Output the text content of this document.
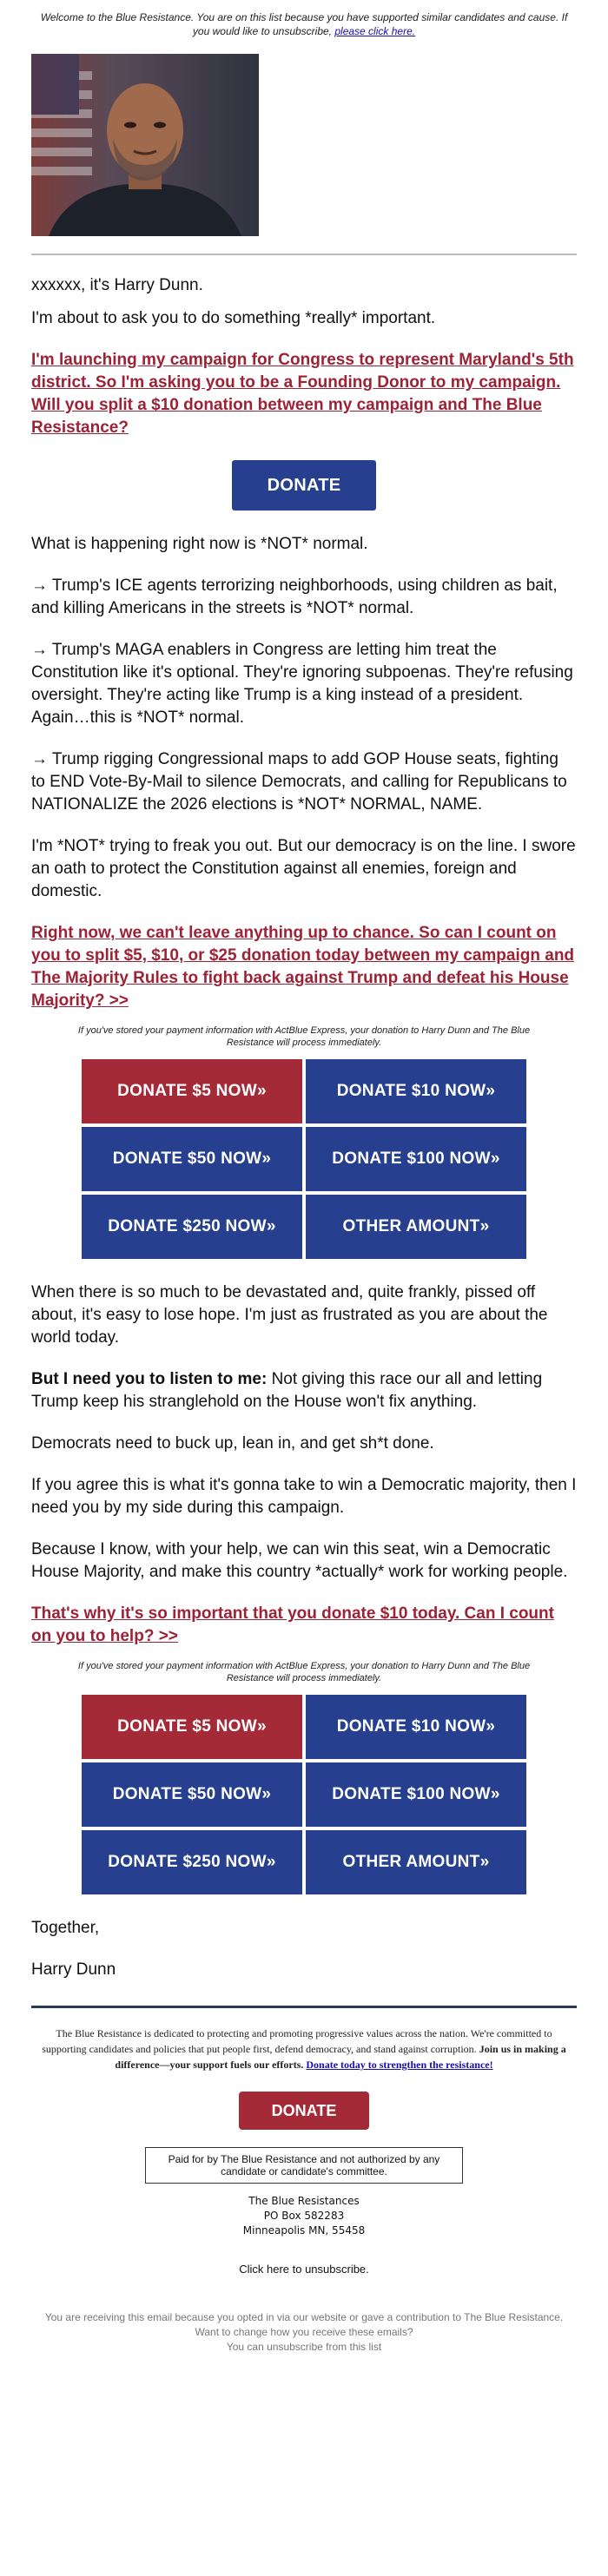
Welcome to the Blue Resistance. You are on this list because you have supported similar candidates and cause. If you would like to unsubscribe, please click here.

xxxxxx, it's Harry Dunn.

I'm about to ask you to do something *really* important.

I'm launching my campaign for Congress to represent Maryland's 5th district. So I'm asking you to be a Founding Donor to my campaign. Will you split a $10 donation between my campaign and The Blue Resistance?

DONATE

What is happening right now is *NOT* normal.

→ Trump's ICE agents terrorizing neighborhoods, using children as bait, and killing Americans in the streets is *NOT* normal.

→ Trump's MAGA enablers in Congress are letting him treat the Constitution like it's optional. They're ignoring subpoenas. They're refusing oversight. They're acting like Trump is a king instead of a president. Again…this is *NOT* normal.

→ Trump rigging Congressional maps to add GOP House seats, fighting to END Vote-By-Mail to silence Democrats, and calling for Republicans to NATIONALIZE the 2026 elections is *NOT* NORMAL, NAME.

I'm *NOT* trying to freak you out. But our democracy is on the line. I swore an oath to protect the Constitution against all enemies, foreign and domestic.

Right now, we can't leave anything up to chance. So can I count on you to split $5, $10, or $25 donation today between my campaign and The Majority Rules to fight back against Trump and defeat his House Majority? >>

If you've stored your payment information with ActBlue Express, your donation to Harry Dunn and The Blue Resistance will process immediately.

DONATE $5 NOW»	DONATE $10 NOW»
DONATE $50 NOW»	DONATE $100 NOW»
DONATE $250 NOW»	OTHER AMOUNT»

When there is so much to be devastated and, quite frankly, pissed off about, it's easy to lose hope. I'm just as frustrated as you are about the world today.

But I need you to listen to me: Not giving this race our all and letting Trump keep his stranglehold on the House won't fix anything.

Democrats need to buck up, lean in, and get sh*t done.

If you agree this is what it's gonna take to win a Democratic majority, then I need you by my side during this campaign.

Because I know, with your help, we can win this seat, win a Democratic House Majority, and make this country *actually* work for working people.

That's why it's so important that you donate $10 today. Can I count on you to help? >>

If you've stored your payment information with ActBlue Express, your donation to Harry Dunn and The Blue Resistance will process immediately.

DONATE $5 NOW»	DONATE $10 NOW»
DONATE $50 NOW»	DONATE $100 NOW»
DONATE $250 NOW»	OTHER AMOUNT»

Together,

Harry Dunn

The Blue Resistance is dedicated to protecting and promoting progressive values across the nation. We're committed to supporting candidates and policies that put people first, defend democracy, and stand against corruption. Join us in making a difference—your support fuels our efforts. Donate today to strengthen the resistance!
DONATE
Paid for by The Blue Resistance and not authorized by any candidate or candidate's committee.
The Blue Resistances
PO Box 582283
Minneapolis MN, 55458
Click here to unsubscribe.
You are receiving this email because you opted in via our website or gave a contribution to The Blue Resistance. Want to change how you receive these emails?
You can unsubscribe from this list
